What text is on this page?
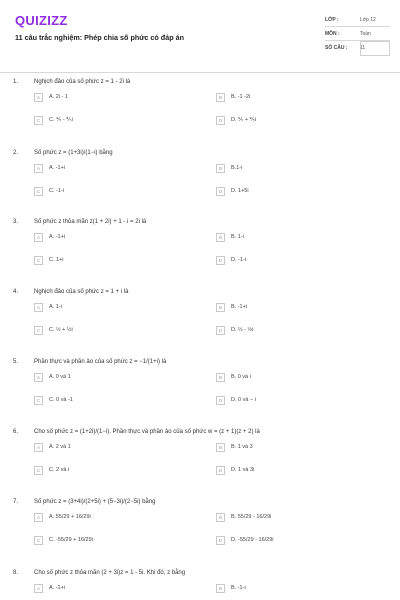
QUIZIZZ
11 câu trắc nghiệm: Phép chia số phức có đáp án
LỚP :	Lớp 12
MÔN :	Toán
SỐ CÂU :	11
1.	Nghịch đảo của số phức z = 1 - 2i là
A	A. 2i - 1	B	B. -1 -2i
C	C. ⅕ - ⅖i	D	D. ⅕ + ⅖i
2.	Số phức z = (1+3i)/(1−i) bằng
A	A. -1+i	B	B.1-i
C	C. -1-i	D	D. 1+5i
3.	Số phức z thỏa mãn z(1 + 2i) + 1 - i = 2i là
A	A. -1+i	B	B. 1-i
C	C. 1+i	D	D. -1-i
4.	Nghịch đảo của số phức z = 1 + i là
A	A. 1-i	B	B. -1+i
C	C. ½ + ½i	D	D. ½ - ½i
5.	Phần thực và phần ảo của số phức z = −1/(1+i) là
A	A. 0 và 1	B	B. 0 và i
C	C. 0 và -1	D	D. 0 và − i
6.	Cho số phức z = (1+2i)/(1−i). Phần thực và phần ảo của số phức w = (z + 1)(z + 2) là
A	A. 2 và 1	B	B. 1 và 3
C	C. 2 và i	D	D. 1 và 3i
7.	Số phức z = (3+4i)/(2+5i) + (5−3i)/(2−5i) bằng
A	A. 55/29 + 16/29i	B	B. 55/29 - 16/29i
C	C. -55/29 + 16/29i	D	D. -55/29 - 16/29i
8.	Cho số phức z thỏa mãn (2 + 3i)z = 1 - 5i. Khi đó, z bằng
A	A. -1+i	B	B. -1-i
